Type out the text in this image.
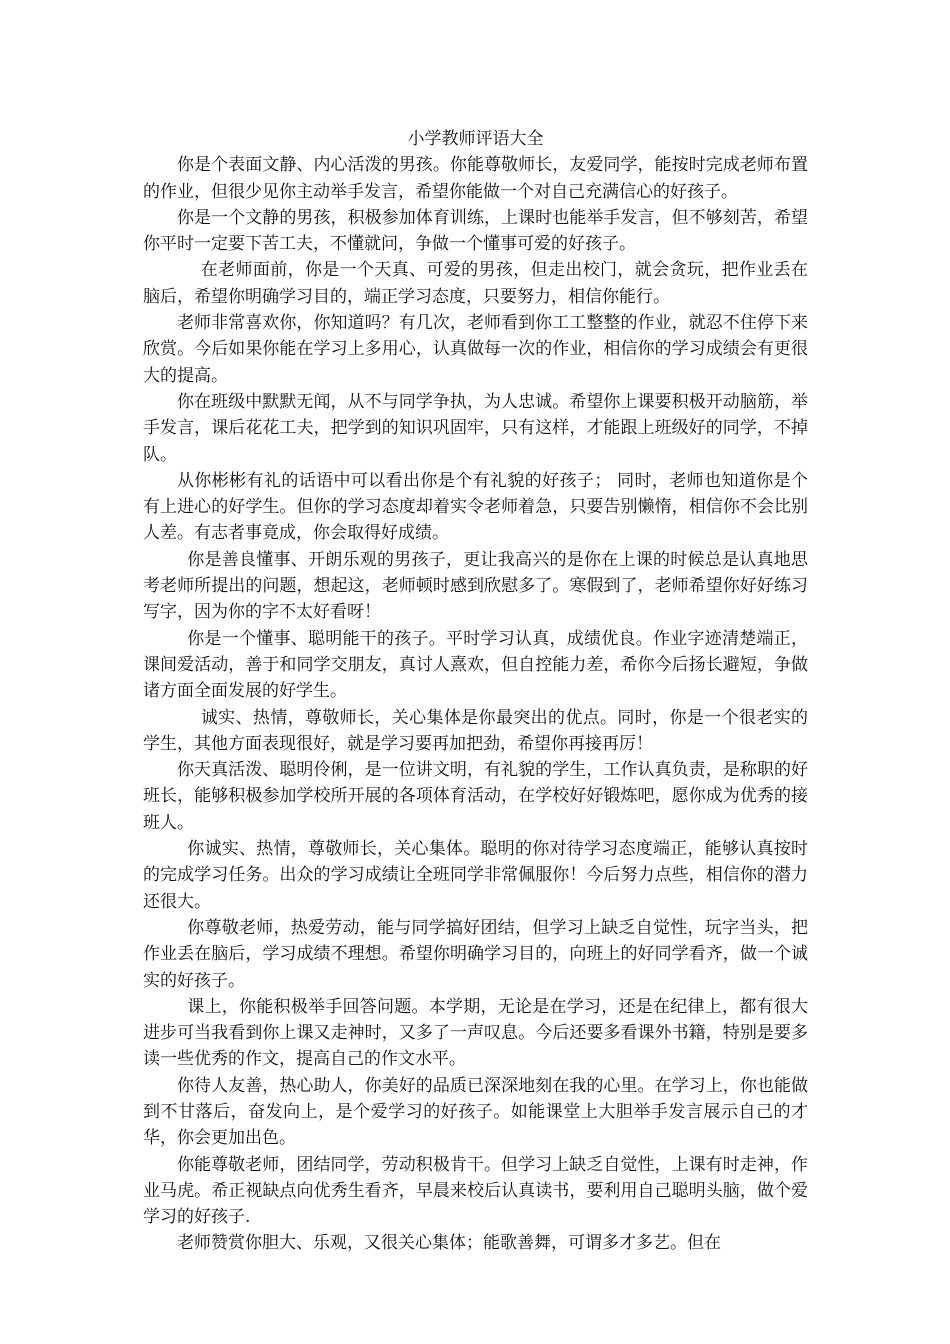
小学教师评语大全

你是个表面文静、内心活泼的男孩。你能尊敬师长，友爱同学，能按时完成老师布置的作业，但很少见你主动举手发言，希望你能做一个对自己充满信心的好孩子。

你是一个文静的男孩，积极参加体育训练，上课时也能举手发言，但不够刻苦，希望你平时一定要下苦工夫，不懂就问，争做一个懂事可爱的好孩子。

在老师面前，你是一个天真、可爱的男孩，但走出校门，就会贪玩，把作业丢在脑后，希望你明确学习目的，端正学习态度，只要努力，相信你能行。

老师非常喜欢你，你知道吗？有几次，老师看到你工工整整的作业，就忍不住停下来欣赏。今后如果你能在学习上多用心，认真做每一次的作业，相信你的学习成绩会有更很大的提高。

你在班级中默默无闻，从不与同学争执，为人忠诚。希望你上课要积极开动脑筋，举手发言，课后花花工夫，把学到的知识巩固牢，只有这样，才能跟上班级好的同学，不掉队。

从你彬彬有礼的话语中可以看出你是个有礼貌的好孩子； 同时，老师也知道你是个有上进心的好学生。但你的学习态度却着实令老师着急，只要告别懒惰，相信你不会比别人差。有志者事竟成，你会取得好成绩。

你是善良懂事、开朗乐观的男孩子，更让我高兴的是你在上课的时候总是认真地思考老师所提出的问题，想起这，老师顿时感到欣慰多了。寒假到了，老师希望你好好练习写字，因为你的字不太好看呀！

你是一个懂事、聪明能干的孩子。平时学习认真，成绩优良。作业字迹清楚端正，课间爱活动，善于和同学交朋友，真讨人熹欢，但自控能力差，希你今后扬长避短，争做诸方面全面发展的好学生。

诚实、热情，尊敬师长，关心集体是你最突出的优点。同时，你是一个很老实的学生，其他方面表现很好，就是学习要再加把劲，希望你再接再厉！

你天真活泼、聪明伶俐，是一位讲文明，有礼貌的学生，工作认真负责，是称职的好班长，能够积极参加学校所开展的各项体育活动，在学校好好锻炼吧，愿你成为优秀的接班人。

你诚实、热情，尊敬师长，关心集体。聪明的你对待学习态度端正，能够认真按时的完成学习任务。出众的学习成绩让全班同学非常佩服你！今后努力点些，相信你的潜力还很大。

你尊敬老师，热爱劳动，能与同学搞好团结，但学习上缺乏自觉性，玩字当头，把作业丢在脑后，学习成绩不理想。希望你明确学习目的，向班上的好同学看齐，做一个诚实的好孩子。

课上，你能积极举手回答问题。本学期，无论是在学习，还是在纪律上，都有很大进步可当我看到你上课又走神时，又多了一声叹息。今后还要多看课外书籍，特别是要多读一些优秀的作文，提高自己的作文水平。

你待人友善，热心助人，你美好的品质已深深地刻在我的心里。在学习上，你也能做到不甘落后，奋发向上，是个爱学习的好孩子。如能课堂上大胆举手发言展示自己的才华，你会更加出色。

你能尊敬老师，团结同学，劳动积极肯干。但学习上缺乏自觉性，上课有时走神，作业马虎。希正视缺点向优秀生看齐，早晨来校后认真读书，要利用自己聪明头脑，做个爱学习的好孩子.

老师赞赏你胆大、乐观，又很关心集体；能歌善舞，可谓多才多艺。但在
